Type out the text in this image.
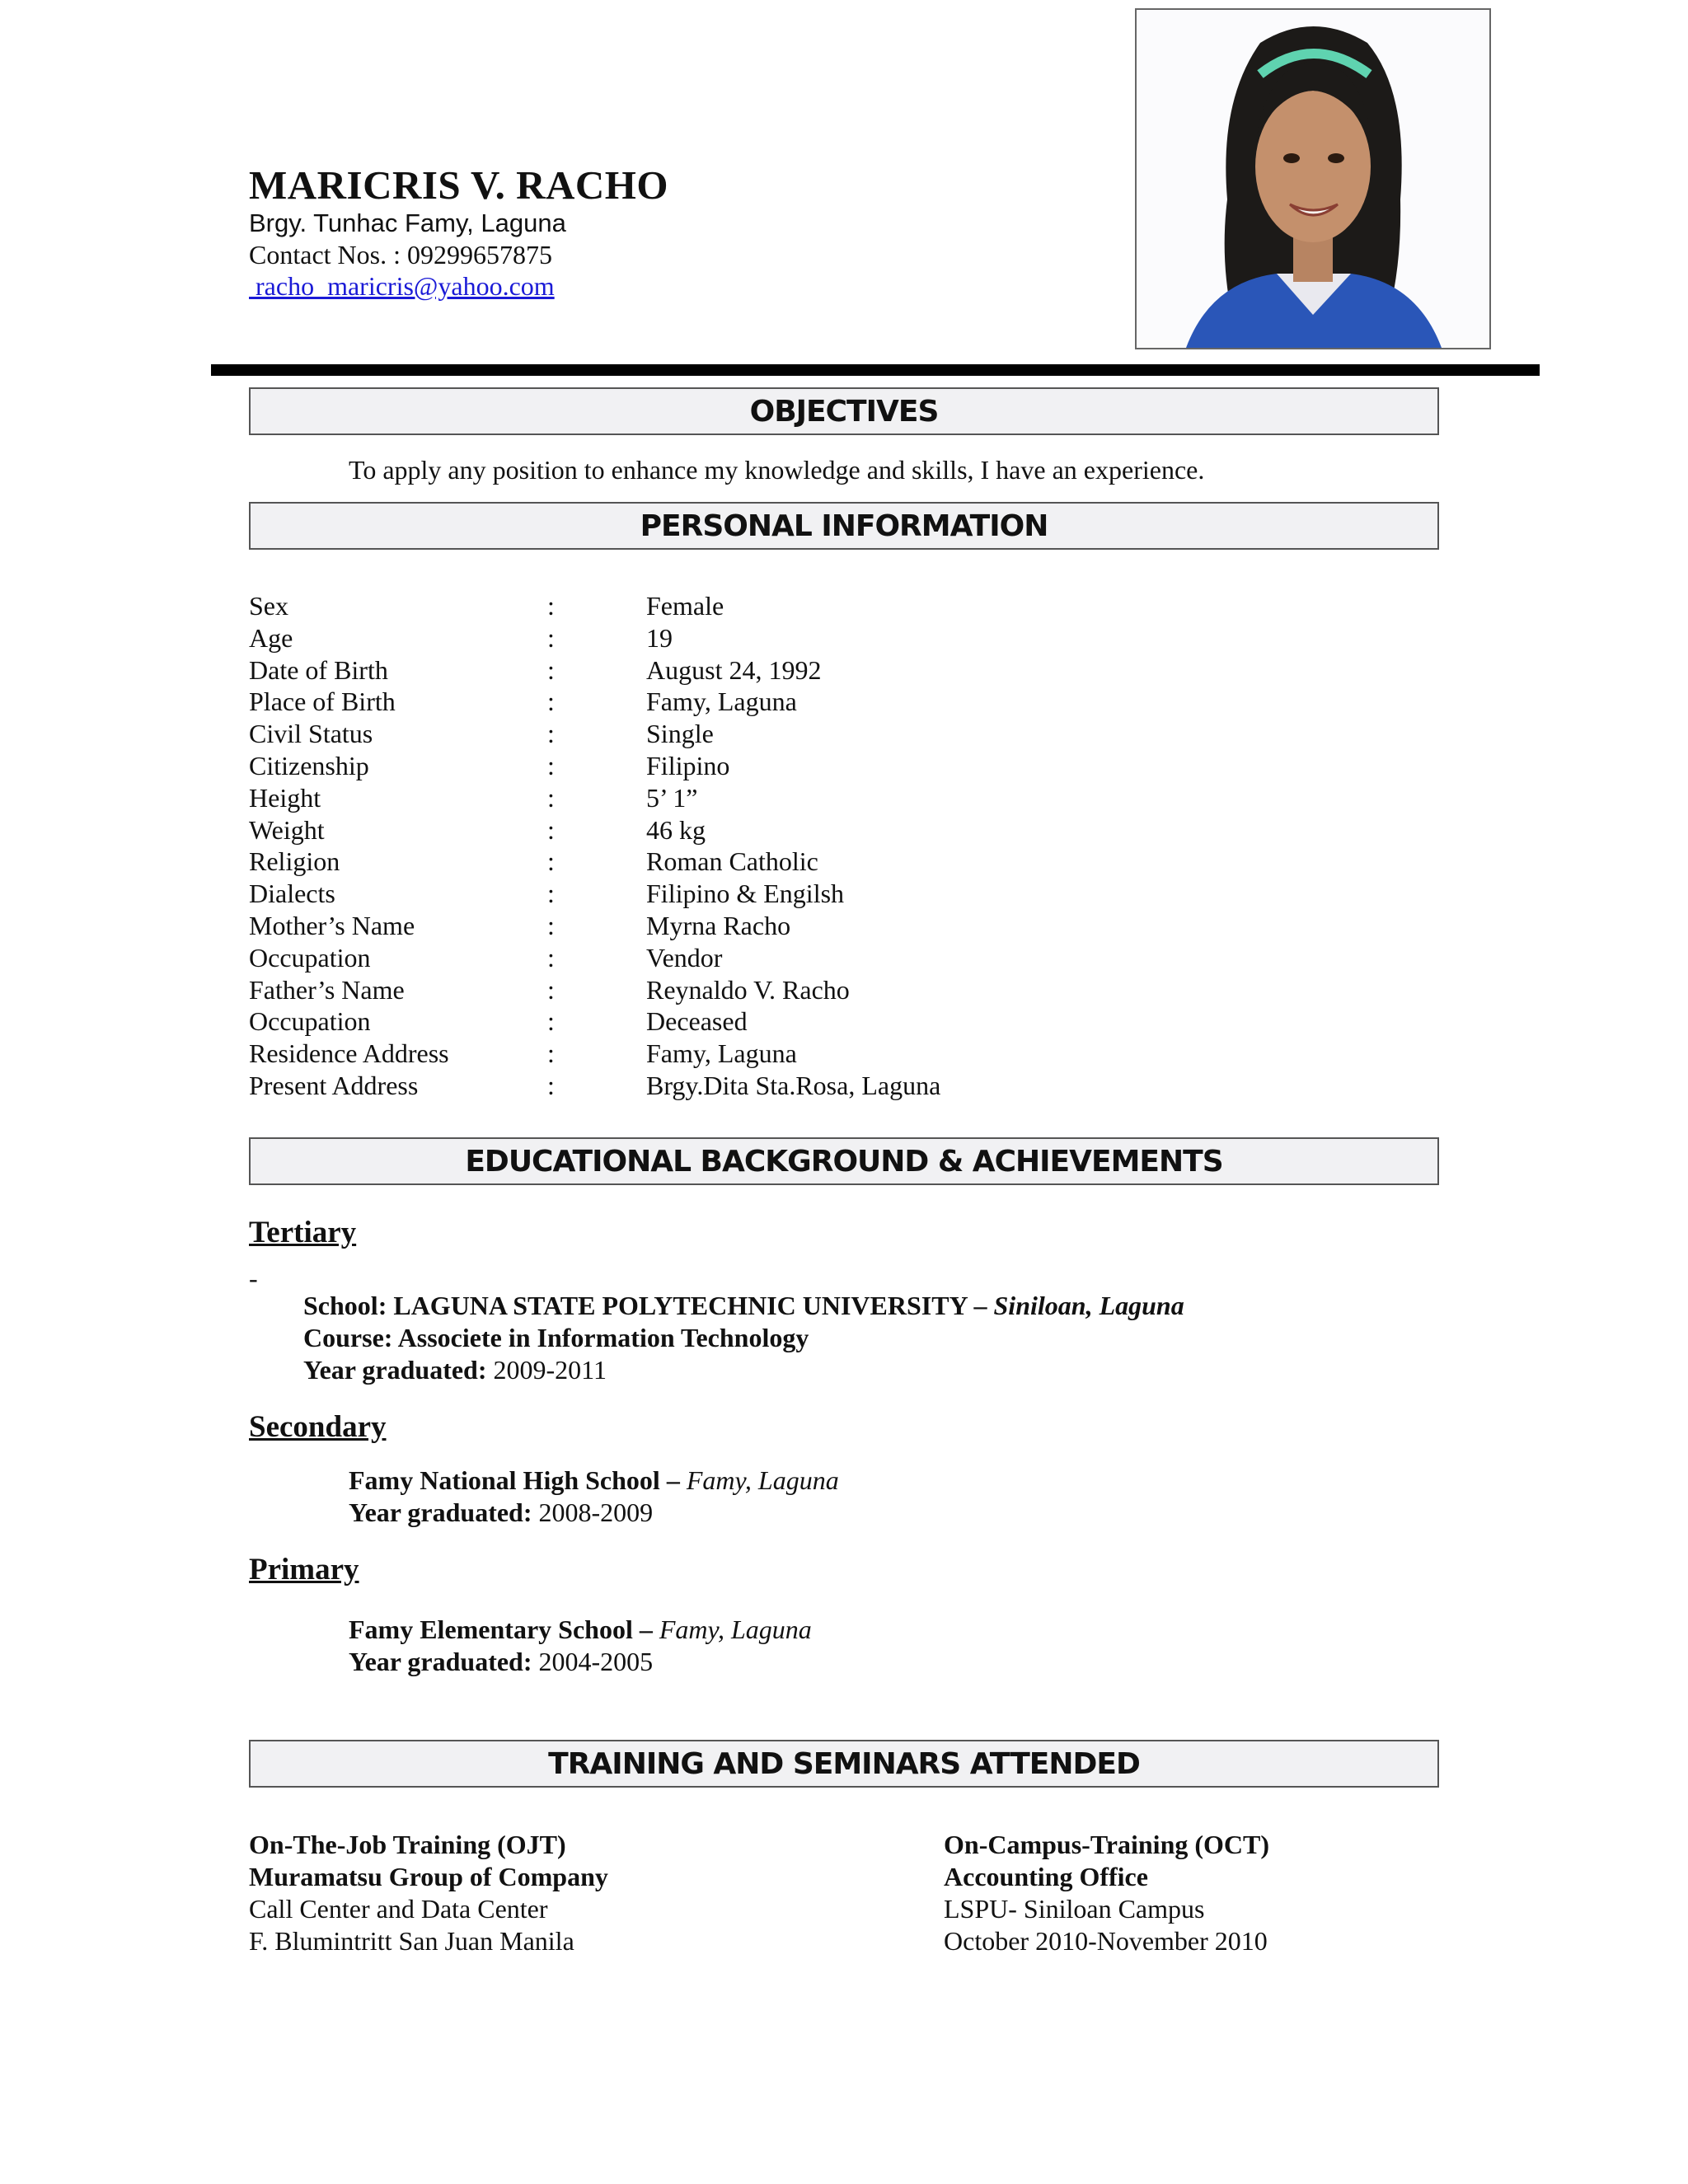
MARICRIS V. RACHO
Brgy. Tunhac Famy, Laguna
Contact Nos. : 09299657875
racho_maricris@yahoo.com
OBJECTIVES
To apply any position to enhance my knowledge and skills, I have an experience.
PERSONAL INFORMATION
Sex	:	Female
Age	:	19
Date of Birth	:	August 24, 1992
Place of Birth	:	Famy, Laguna
Civil Status	:	Single
Citizenship	:	Filipino
Height	:	5’ 1”
Weight	:	46 kg
Religion	:	Roman Catholic
Dialects	:	Filipino & Engilsh
Mother’s Name	:	Myrna Racho
Occupation	:	Vendor
Father’s Name	:	Reynaldo V. Racho
Occupation	:	Deceased
Residence Address	:	Famy, Laguna
Present Address	:	Brgy.Dita Sta.Rosa, Laguna
EDUCATIONAL BACKGROUND & ACHIEVEMENTS
Tertiary
-
School: LAGUNA STATE POLYTECHNIC UNIVERSITY – Siniloan, Laguna
Course: Associete in Information Technology
Year graduated: 2009-2011
Secondary
Famy National High School – Famy, Laguna
Year graduated: 2008-2009
Primary
Famy Elementary School – Famy, Laguna
Year graduated: 2004-2005
TRAINING AND SEMINARS ATTENDED
On-The-Job Training (OJT)
Muramatsu Group of Company
Call Center and Data Center
F. Blumintritt San Juan Manila
On-Campus-Training (OCT)
Accounting Office
LSPU- Siniloan Campus
October 2010-November 2010
